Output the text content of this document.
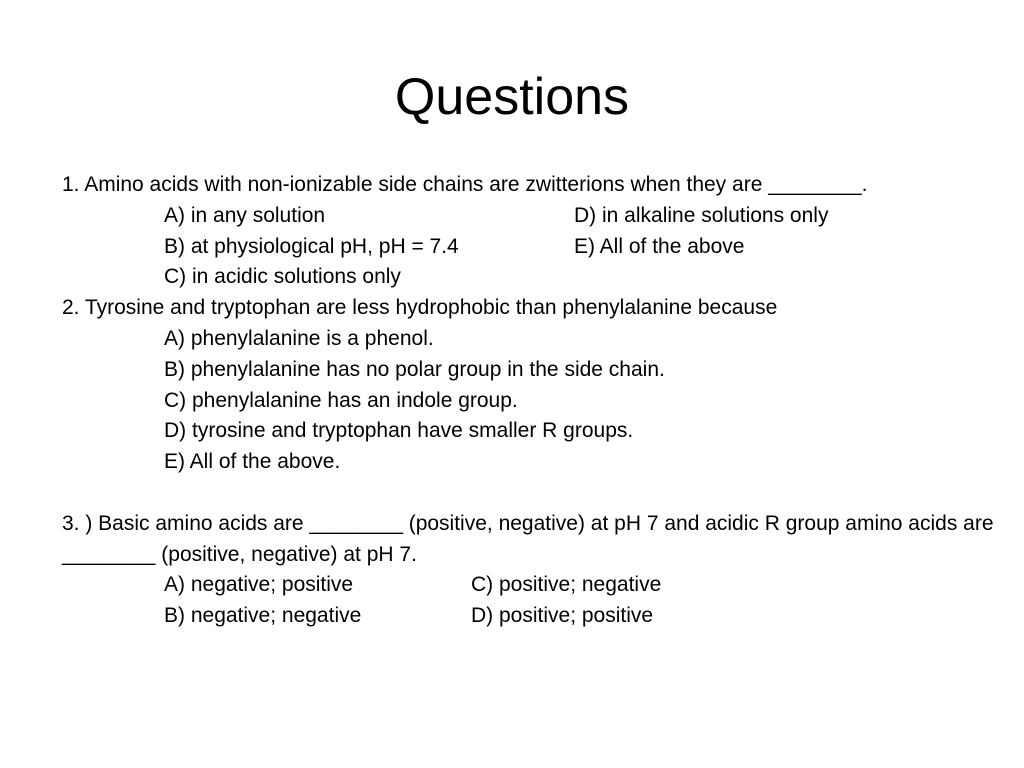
Questions
1. Amino acids with non-ionizable side chains are zwitterions when they are ________.
A) in any solution	D) in alkaline solutions only
B) at physiological pH, pH = 7.4	E) All of the above
C) in acidic solutions only
2. Tyrosine and tryptophan are less hydrophobic than phenylalanine because
A) phenylalanine is a phenol.
B) phenylalanine has no polar group in the side chain.
C) phenylalanine has an indole group.
D) tyrosine and tryptophan have smaller R groups.
E) All of the above.
3. ) Basic amino acids are ________ (positive, negative) at pH 7 and acidic R group amino acids are ________ (positive, negative) at pH 7.
A) negative; positive	C) positive; negative
B) negative; negative	D) positive; positive
